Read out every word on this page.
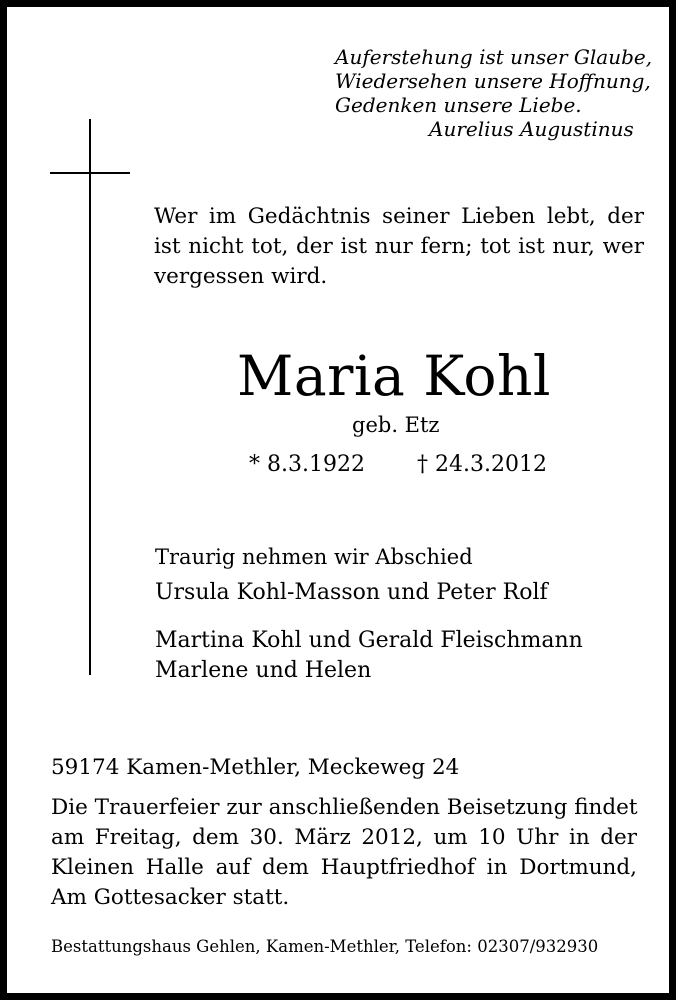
Auferstehung ist unser Glaube,
Wiedersehen unsere Hoffnung,
Gedenken unsere Liebe.
Aurelius Augustinus
Wer im Gedächtnis seiner Lieben lebt, der
ist nicht tot, der ist nur fern; tot ist nur, wer
vergessen wird.
Maria Kohl
geb. Etz
* 8.3.1922 † 24.3.2012
Traurig nehmen wir Abschied
Ursula Kohl-Masson und Peter Rolf
Martina Kohl und Gerald Fleischmann
Marlene und Helen
59174 Kamen-Methler, Meckeweg 24
Die Trauerfeier zur anschließenden Beisetzung findet
am Freitag, dem 30. März 2012, um 10 Uhr in der
Kleinen Halle auf dem Hauptfriedhof in Dortmund,
Am Gottesacker statt.
Bestattungshaus Gehlen, Kamen-Methler, Telefon: 02307/932930
